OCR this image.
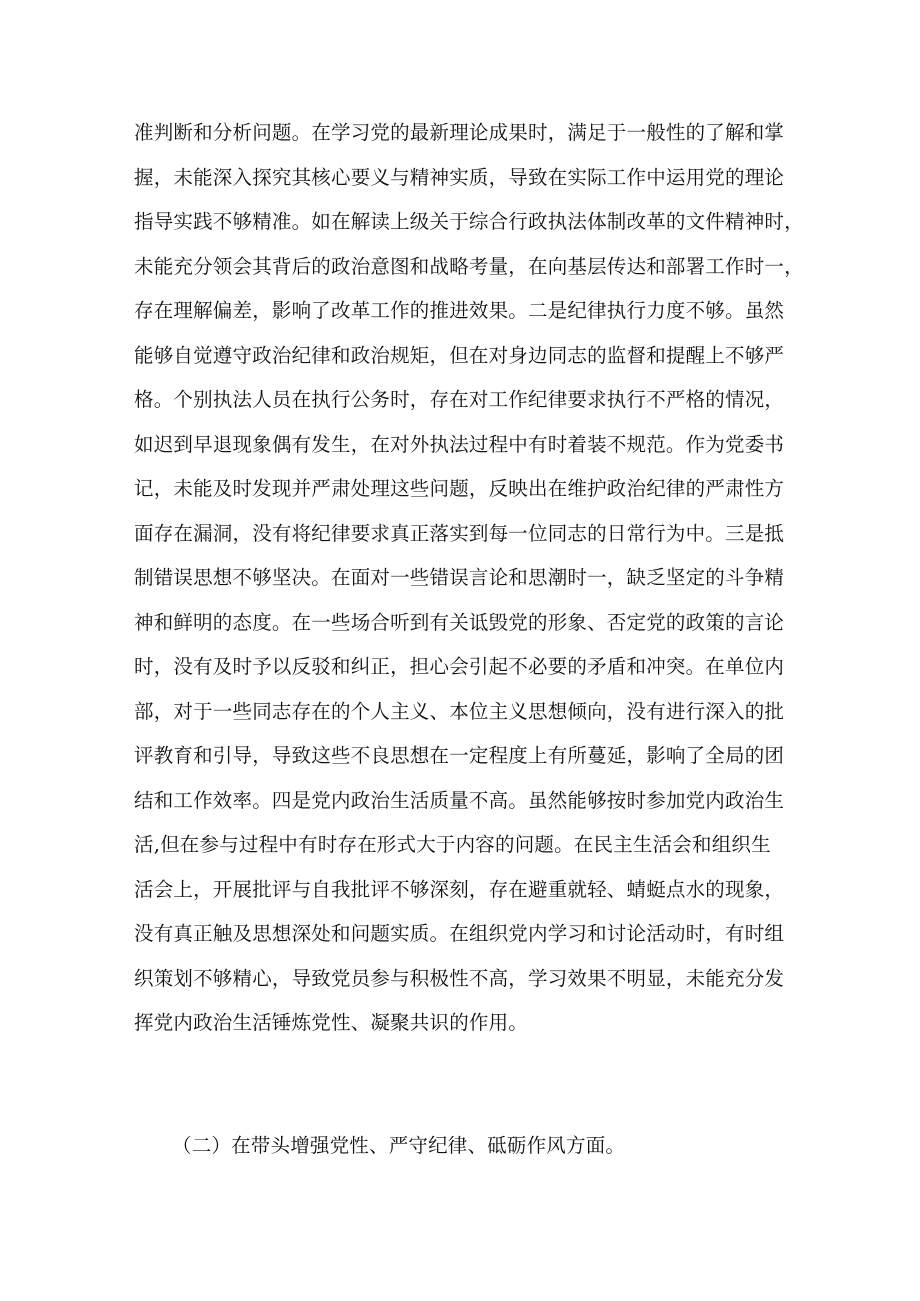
准判断和分析问题。在学习党的最新理论成果时，满足于一般性的了解和掌
握，未能深入探究其核心要义与精神实质，导致在实际工作中运用党的理论
指导实践不够精准。如在解读上级关于综合行政执法体制改革的文件精神时，
未能充分领会其背后的政治意图和战略考量，在向基层传达和部署工作时一，
存在理解偏差，影响了改革工作的推进效果。二是纪律执行力度不够。虽然
能够自觉遵守政治纪律和政治规矩，但在对身边同志的监督和提醒上不够严
格。个别执法人员在执行公务时，存在对工作纪律要求执行不严格的情况，
如迟到早退现象偶有发生，在对外执法过程中有时着装不规范。作为党委书
记，未能及时发现并严肃处理这些问题，反映出在维护政治纪律的严肃性方
面存在漏洞，没有将纪律要求真正落实到每一位同志的日常行为中。三是抵
制错误思想不够坚决。在面对一些错误言论和思潮时一，缺乏坚定的斗争精
神和鲜明的态度。在一些场合听到有关诋毁党的形象、否定党的政策的言论
时，没有及时予以反驳和纠正，担心会引起不必要的矛盾和冲突。在单位内
部，对于一些同志存在的个人主义、本位主义思想倾向，没有进行深入的批
评教育和引导，导致这些不良思想在一定程度上有所蔓延，影响了全局的团
结和工作效率。四是党内政治生活质量不高。虽然能够按时参加党内政治生
活,但在参与过程中有时存在形式大于内容的问题。在民主生活会和组织生
活会上，开展批评与自我批评不够深刻，存在避重就轻、蜻蜓点水的现象，
没有真正触及思想深处和问题实质。在组织党内学习和讨论活动时，有时组
织策划不够精心，导致党员参与积极性不高，学习效果不明显，未能充分发
挥党内政治生活锤炼党性、凝聚共识的作用。

（二）在带头增强党性、严守纪律、砥砺作风方面。
